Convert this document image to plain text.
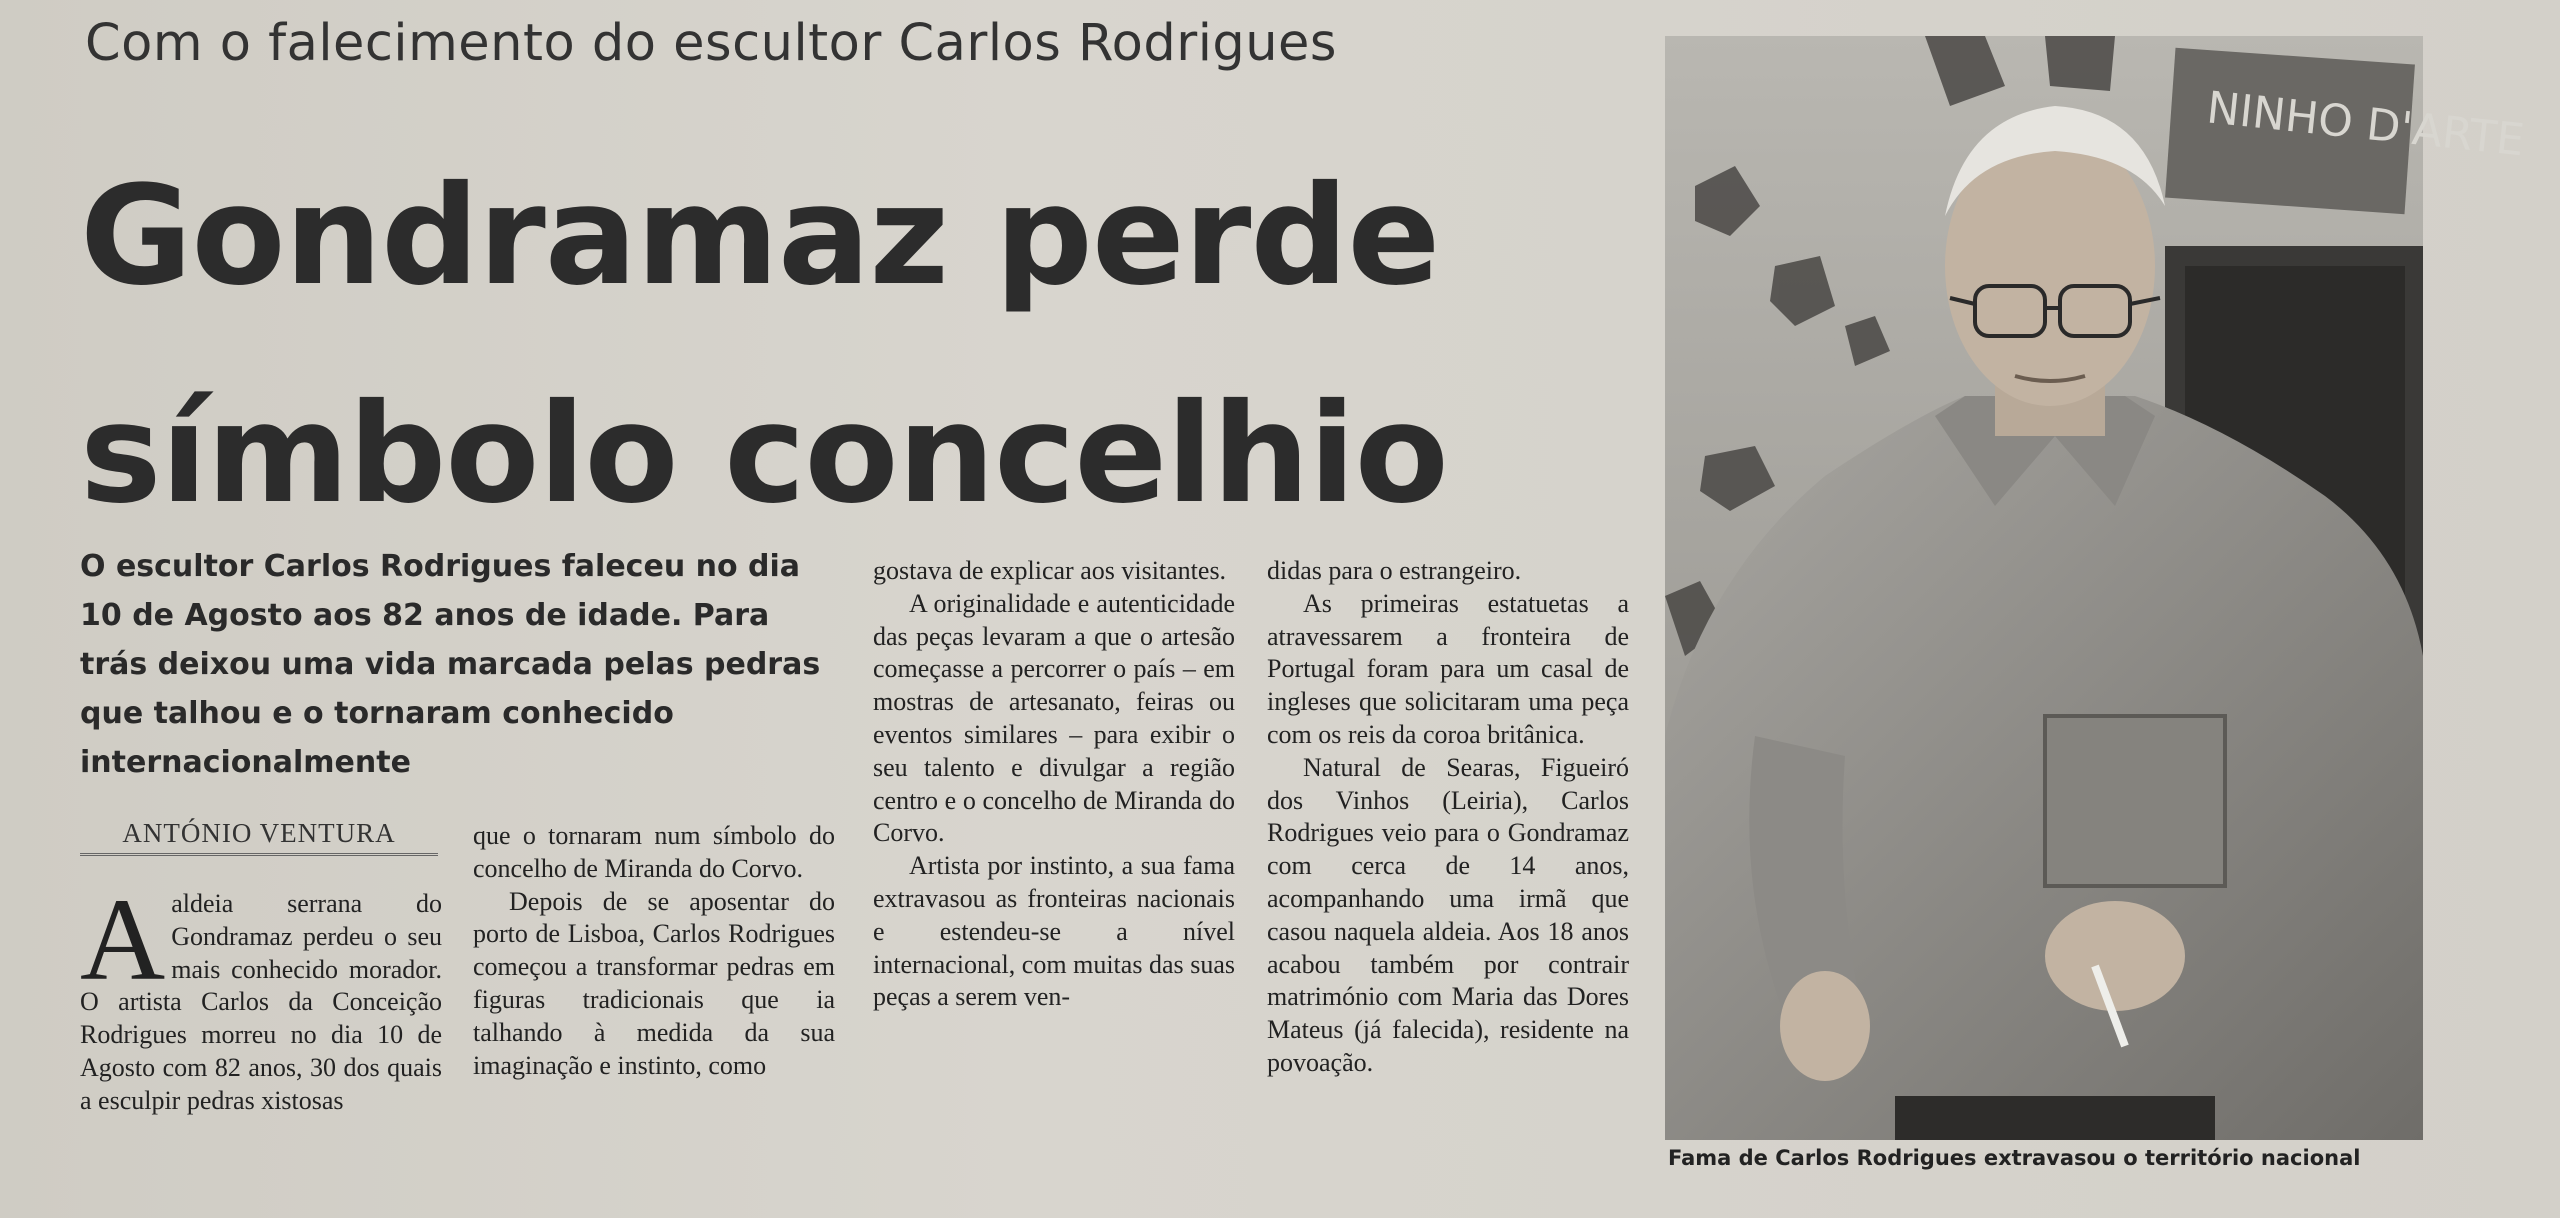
Com o falecimento do escultor Carlos Rodrigues
Gondramaz perde
símbolo concelhio
O escultor Carlos Rodrigues faleceu no dia 10 de Agosto aos 82 anos de idade. Para trás deixou uma vida marcada pelas pedras que talhou e o tornaram conhecido internacionalmente
ANTÓNIO VENTURA

Aaldeia serrana do Gondramaz perdeu o seu mais conhecido morador. O artista Carlos da Conceição Rodrigues morreu no dia 10 de Agosto com 82 anos, 30 dos quais a esculpir pedras xistosas

que o tornaram num símbolo do concelho de Miranda do Corvo.

Depois de se aposentar do porto de Lisboa, Carlos Rodrigues começou a transformar pedras em figuras tradicionais que ia talhando à medida da sua imaginação e instinto, como

gostava de explicar aos visitantes.

A originalidade e autenticidade das peças levaram a que o artesão começasse a percorrer o país – em mostras de artesanato, feiras ou eventos similares – para exibir o seu talento e divulgar a região centro e o concelho de Miranda do Corvo.

Artista por instinto, a sua fama extravasou as fronteiras nacionais e estendeu-se a nível internacional, com muitas das suas peças a serem ven-

didas para o estrangeiro.

As primeiras estatuetas a atravessarem a fronteira de Portugal foram para um casal de ingleses que solicitaram uma peça com os reis da coroa britânica.

Natural de Searas, Figueiró dos Vinhos (Leiria), Carlos Rodrigues veio para o Gondramaz com cerca de 14 anos, acompanhando uma irmã que casou naquela aldeia. Aos 18 anos acabou também por contrair matrimónio com Maria das Dores Mateus (já falecida), residente na povoação.

NINHO D'ARTE
Fama de Carlos Rodrigues extravasou o território nacional
